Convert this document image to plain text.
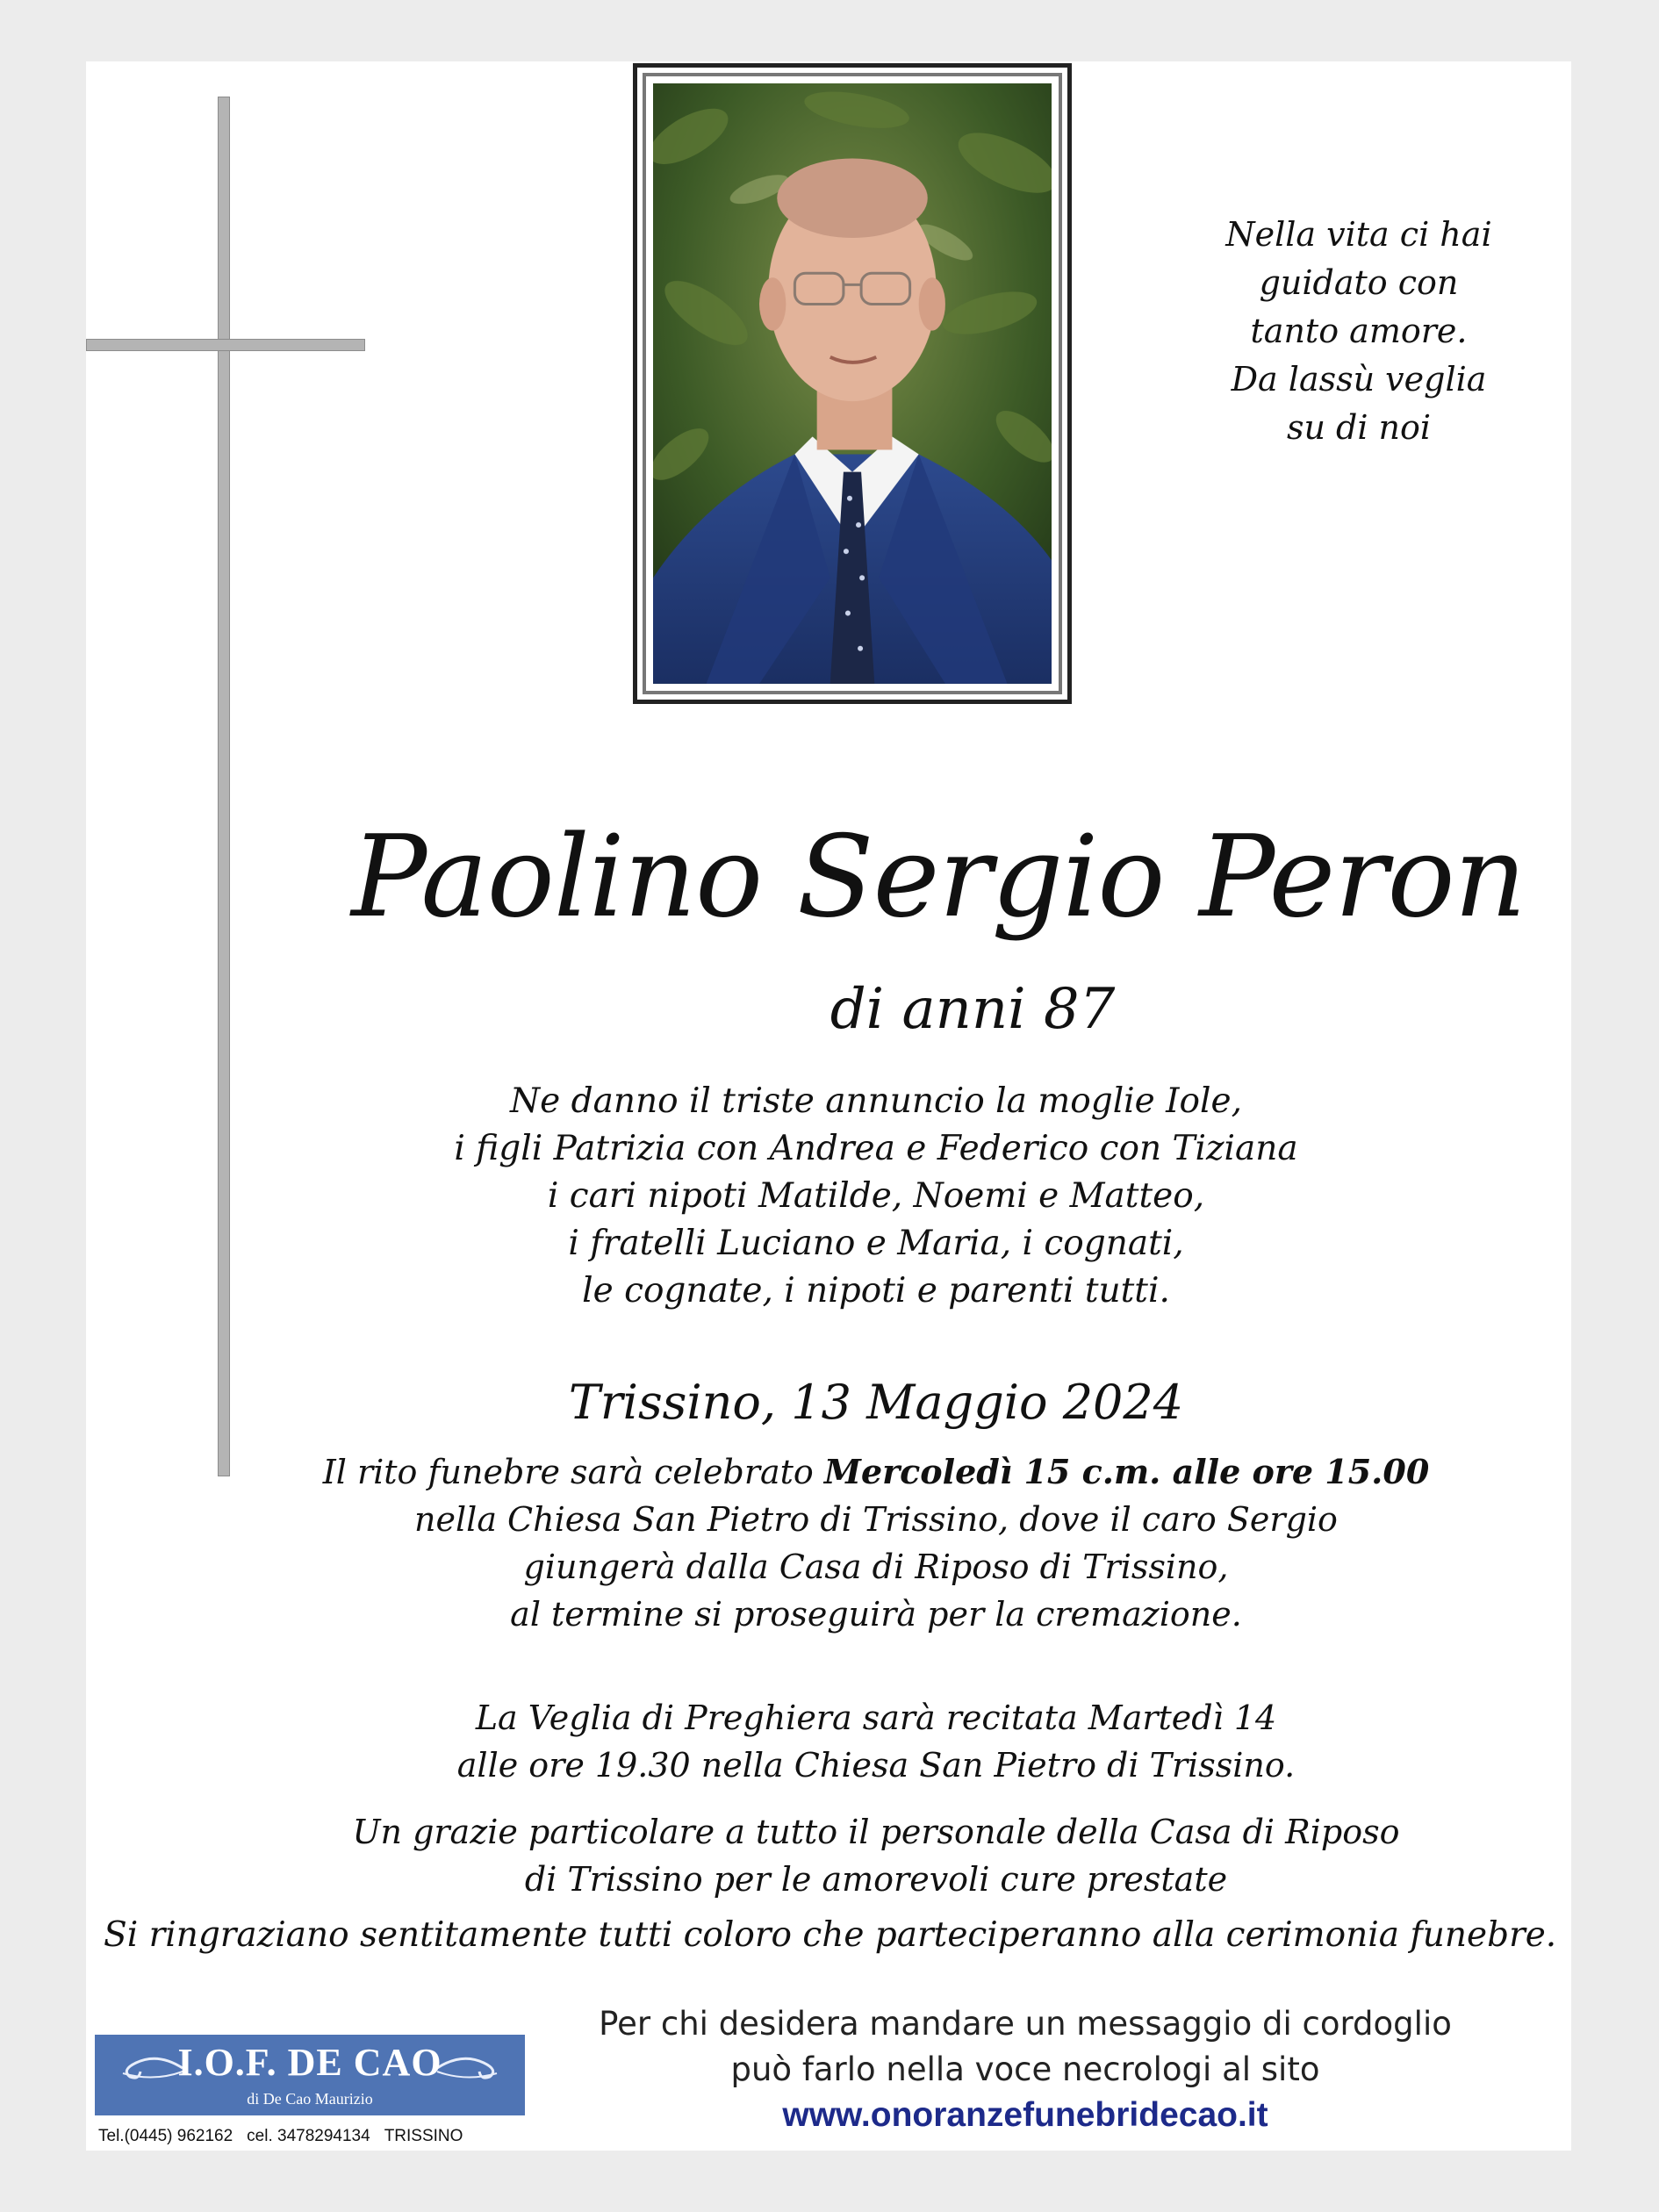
Nella vita ci hai
guidato con
tanto amore.
Da lassù veglia
su di noi
Paolino Sergio Peron
di anni 87
Ne danno il triste annuncio la moglie Iole,
i figli Patrizia con Andrea e Federico con Tiziana
i cari nipoti Matilde, Noemi e Matteo,
i fratelli Luciano e Maria, i cognati,
le cognate, i nipoti e parenti tutti.
Trissino, 13 Maggio 2024
Il rito funebre sarà celebrato Mercoledì 15 c.m. alle ore 15.00
nella Chiesa San Pietro di Trissino, dove il caro Sergio
giungerà dalla Casa di Riposo di Trissino,
al termine si proseguirà per la cremazione.
La Veglia di Preghiera sarà recitata Martedì 14
alle ore 19.30 nella Chiesa San Pietro di Trissino.
Un grazie particolare a tutto il personale della Casa di Riposo
di Trissino per le amorevoli cure prestate
Si ringraziano sentitamente tutti coloro che parteciperanno alla cerimonia funebre.
I.O.F. DE CAO
di De Cao Maurizio
Tel.(0445) 962162 cel. 3478294134 TRISSINO
Per chi desidera mandare un messaggio di cordoglio
può farlo nella voce necrologi al sito
www.onoranzefunebridecao.it
